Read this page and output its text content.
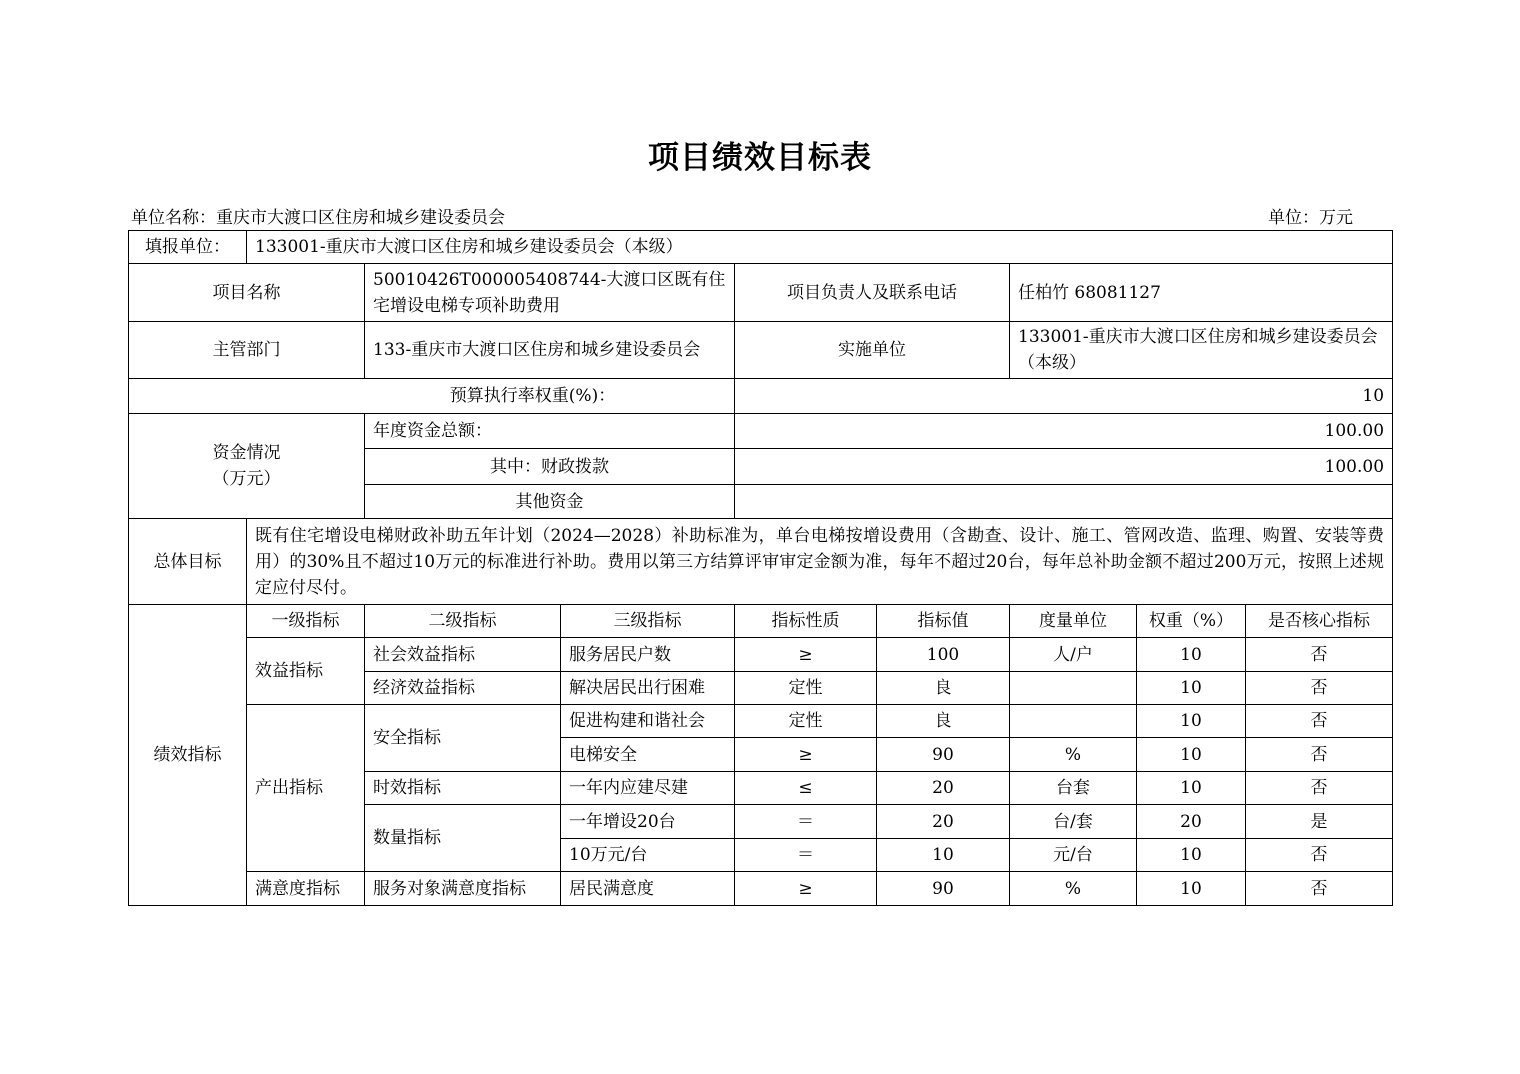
项目绩效目标表
单位名称：重庆市大渡口区住房和城乡建设委员会	单位：万元
填报单位：	133001-重庆市大渡口区住房和城乡建设委员会（本级）							
项目名称		50010426T000005408744-大渡口区既有住宅增设电梯专项补助费用		项目负责人及联系电话		任柏竹 68081127		
主管部门		133-重庆市大渡口区住房和城乡建设委员会		实施单位		133001-重庆市大渡口区住房和城乡建设委员会（本级）		
预算执行率权重(%)：				10				
资金情况（万元）		年度资金总额：		100.00				
		其中：财政拨款		100.00				
		其他资金						
总体目标	既有住宅增设电梯财政补助五年计划（2024—2028）补助标准为，单台电梯按增设费用（含勘查、设计、施工、管网改造、监理、购置、安装等费用）的30%且不超过10万元的标准进行补助。费用以第三方结算评审审定金额为准，每年不超过20台，每年总补助金额不超过200万元，按照上述规定应付尽付。							
绩效指标	一级指标	二级指标	三级指标	指标性质	指标值	度量单位	权重（%）	是否核心指标
	效益指标	社会效益指标	服务居民户数	≥	100	人/户	10	否
		经济效益指标	解决居民出行困难	定性	良		10	否
	产出指标	安全指标	促进构建和谐社会	定性	良		10	否
			电梯安全	≥	90	%	10	否
		时效指标	一年内应建尽建	≤	20	台套	10	否
		数量指标	一年增设20台	＝	20	台/套	20	是
			10万元/台	＝	10	元/台	10	否
	满意度指标	服务对象满意度指标	居民满意度	≥	90	%	10	否
